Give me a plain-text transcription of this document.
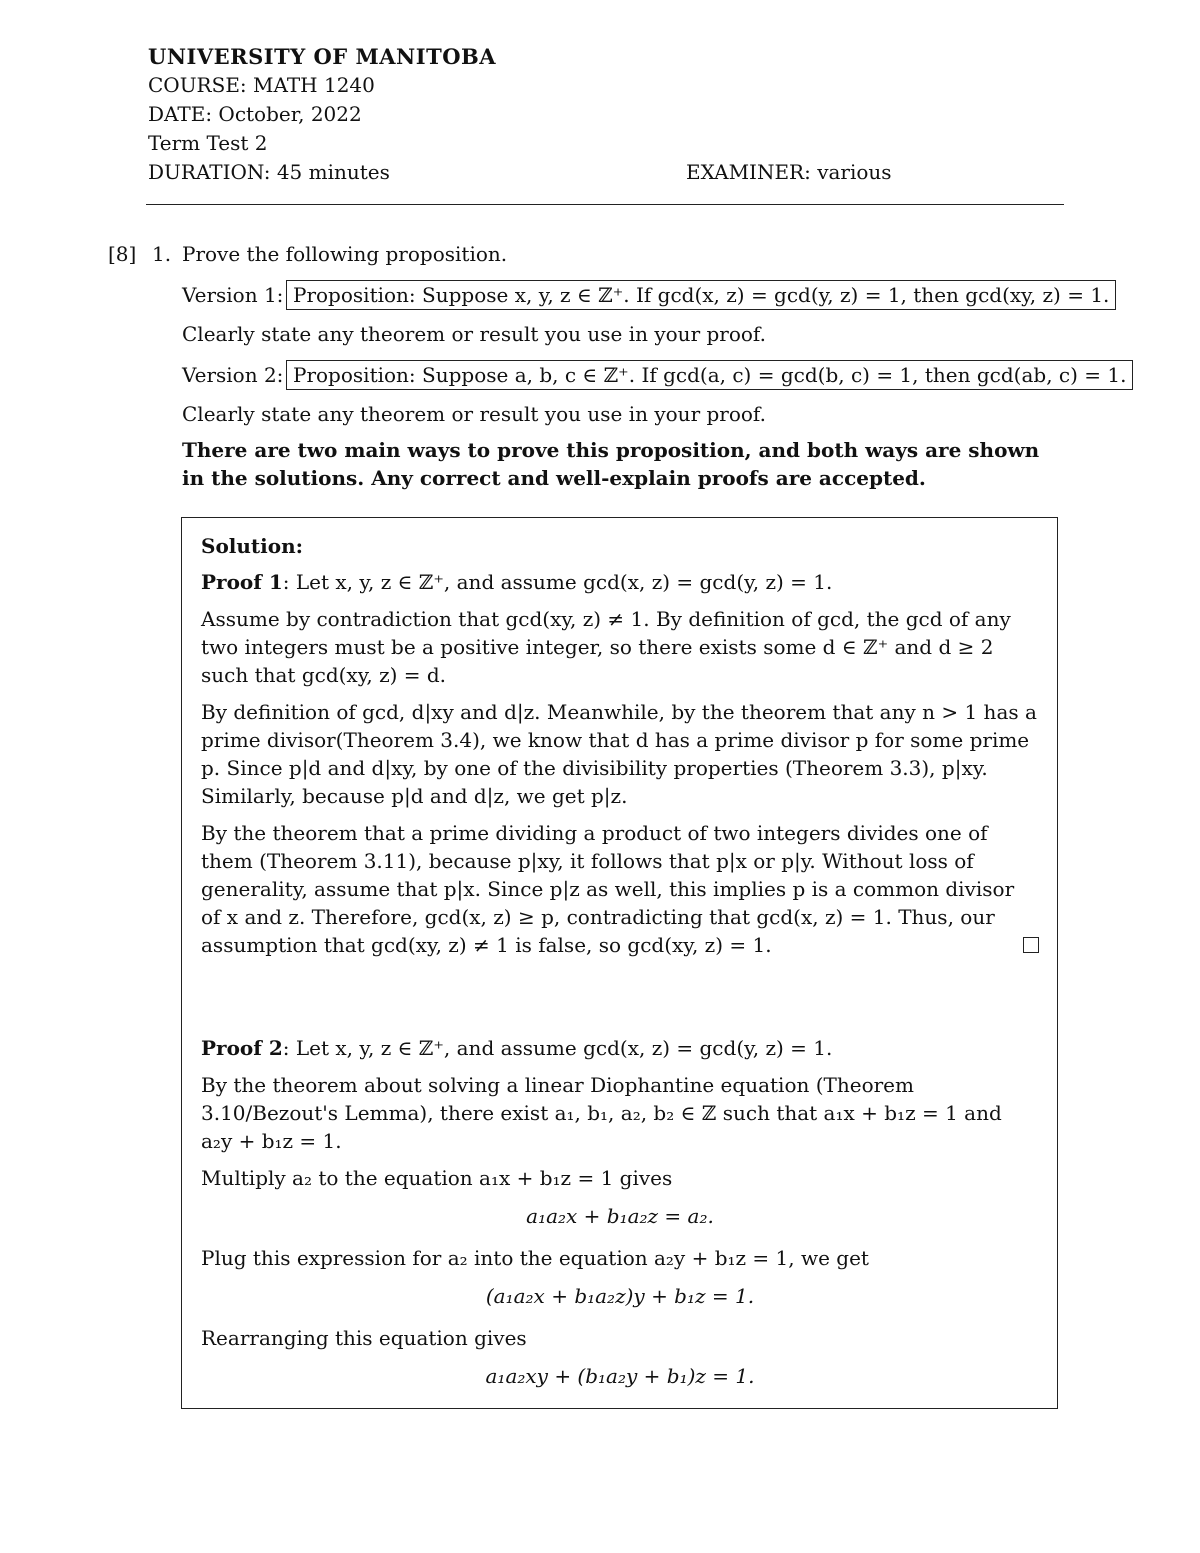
UNIVERSITY OF MANITOBA
COURSE: MATH 1240
DATE: October, 2022
Term Test 2
DURATION: 45 minutes	EXAMINER: various
[8] 1. Prove the following proposition.
Version 1: Proposition: Suppose x, y, z ∈ ℤ⁺. If gcd(x, z) = gcd(y, z) = 1, then gcd(xy, z) = 1.
Clearly state any theorem or result you use in your proof.
Version 2: Proposition: Suppose a, b, c ∈ ℤ⁺. If gcd(a, c) = gcd(b, c) = 1, then gcd(ab, c) = 1.
Clearly state any theorem or result you use in your proof.

There are two main ways to prove this proposition, and both ways are shown

in the solutions. Any correct and well-explain proofs are accepted.

Solution:

Proof 1: Let x, y, z ∈ ℤ⁺, and assume gcd(x, z) = gcd(y, z) = 1.

Assume by contradiction that gcd(xy, z) ≠ 1. By definition of gcd, the gcd of any two integers must be a positive integer, so there exists some d ∈ ℤ⁺ and d ≥ 2 such that gcd(xy, z) = d.

By definition of gcd, d|xy and d|z. Meanwhile, by the theorem that any n > 1 has a prime divisor(Theorem 3.4), we know that d has a prime divisor p for some prime p. Since p|d and d|xy, by one of the divisibility properties (Theorem 3.3), p|xy. Similarly, because p|d and d|z, we get p|z.

By the theorem that a prime dividing a product of two integers divides one of them (Theorem 3.11), because p|xy, it follows that p|x or p|y. Without loss of generality, assume that p|x. Since p|z as well, this implies p is a common divisor of x and z. Therefore, gcd(x, z) ≥ p, contradicting that gcd(x, z) = 1. Thus, our assumption that gcd(xy, z) ≠ 1 is false, so gcd(xy, z) = 1.

Proof 2: Let x, y, z ∈ ℤ⁺, and assume gcd(x, z) = gcd(y, z) = 1.

By the theorem about solving a linear Diophantine equation (Theorem 3.10/Bezout's Lemma), there exist a₁, b₁, a₂, b₂ ∈ ℤ such that a₁x + b₁z = 1 and a₂y + b₁z = 1.

Multiply a₂ to the equation a₁x + b₁z = 1 gives

a₁a₂x + b₁a₂z = a₂.

Plug this expression for a₂ into the equation a₂y + b₁z = 1, we get

(a₁a₂x + b₁a₂z)y + b₁z = 1.

Rearranging this equation gives

a₁a₂xy + (b₁a₂y + b₁)z = 1.
